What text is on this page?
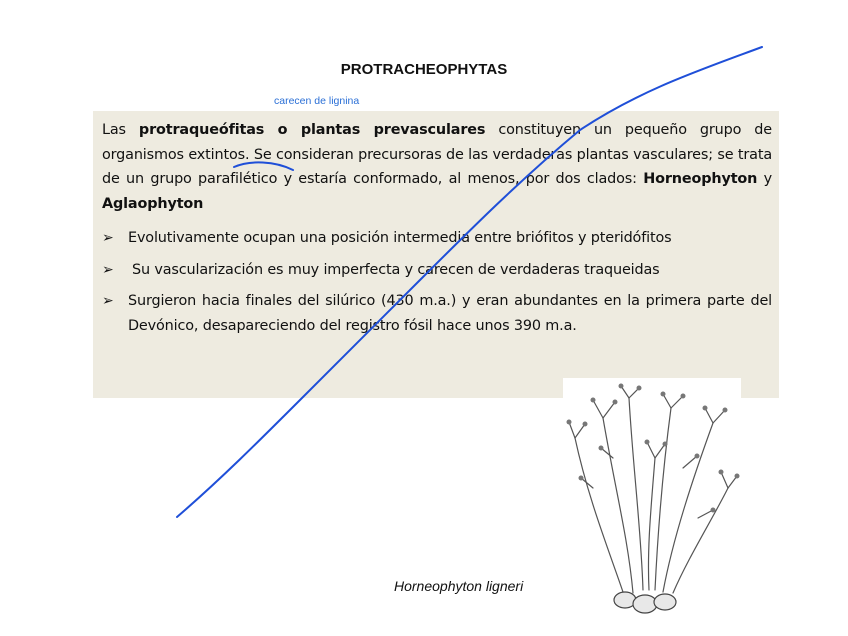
PROTRACHEOPHYTAS
carecen de lignina

Las protraqueófitas o plantas prevasculares constituyen un pequeño grupo de organismos extintos. Se consideran precursoras de las verdaderas plantas vasculares; se trata de un grupo parafilético y estaría conformado, al menos, por dos clados: Horneophyton y Aglaophyton

➢ Evolutivamente ocupan una posición intermedia entre briófitos y pteridófitos
➢ Su vascularización es muy imperfecta y carecen de verdaderas traqueidas
➢ Surgieron hacia finales del silúrico (430 m.a.) y eran abundantes en la primera parte del Devónico, desapareciendo del registro fósil hace unos 390 m.a.
Horneophyton ligneri
